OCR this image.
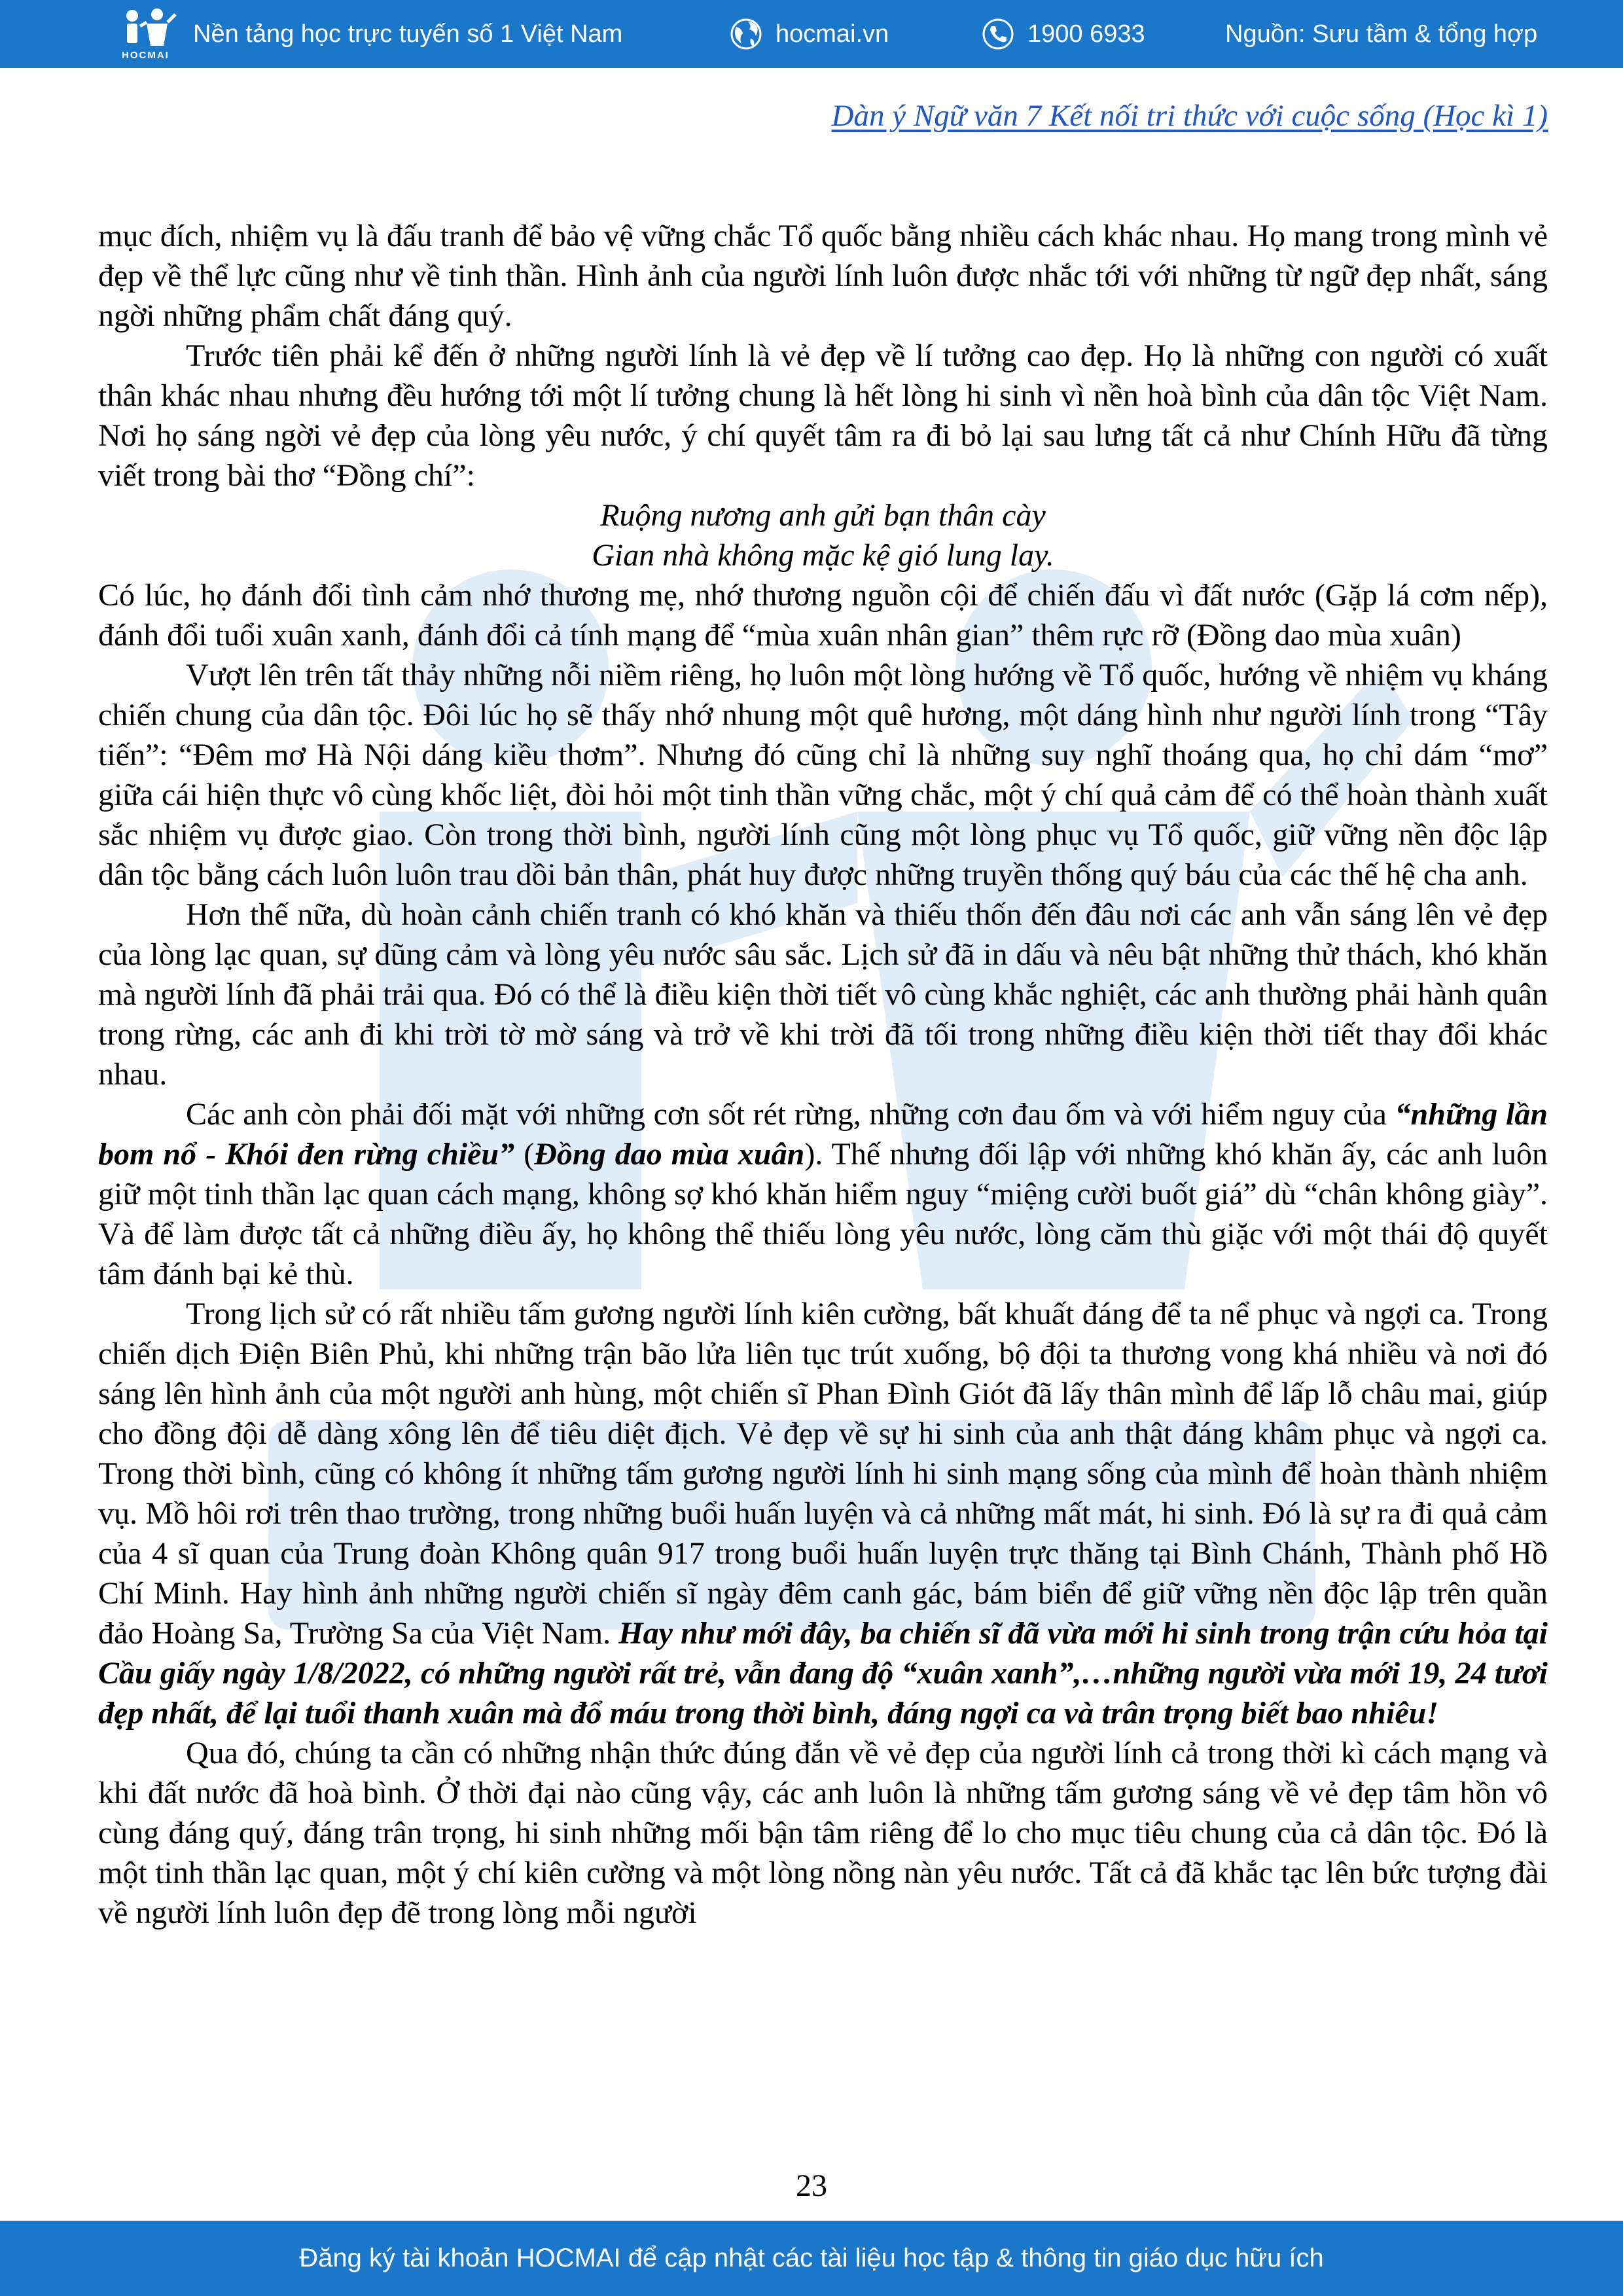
HOCMAI
Nền tảng học trực tuyến số 1 Việt Nam	hocmai.vn	1900 6933	Nguồn: Sưu tầm & tổng hợp
Dàn ý Ngữ văn 7 Kết nối tri thức với cuộc sống (Học kì 1)

mục đích, nhiệm vụ là đấu tranh để bảo vệ vững chắc Tổ quốc bằng nhiều cách khác nhau. Họ mang trong mình vẻ đẹp về thể lực cũng như về tinh thần. Hình ảnh của người lính luôn được nhắc tới với những từ ngữ đẹp nhất, sáng ngời những phẩm chất đáng quý.

Trước tiên phải kể đến ở những người lính là vẻ đẹp về lí tưởng cao đẹp. Họ là những con người có xuất thân khác nhau nhưng đều hướng tới một lí tưởng chung là hết lòng hi sinh vì nền hoà bình của dân tộc Việt Nam. Nơi họ sáng ngời vẻ đẹp của lòng yêu nước, ý chí quyết tâm ra đi bỏ lại sau lưng tất cả như Chính Hữu đã từng viết trong bài thơ “Đồng chí”:

Ruộng nương anh gửi bạn thân cày

Gian nhà không mặc kệ gió lung lay.

Có lúc, họ đánh đổi tình cảm nhớ thương mẹ, nhớ thương nguồn cội để chiến đấu vì đất nước (Gặp lá cơm nếp), đánh đổi tuổi xuân xanh, đánh đổi cả tính mạng để “mùa xuân nhân gian” thêm rực rỡ (Đồng dao mùa xuân)

Vượt lên trên tất thảy những nỗi niềm riêng, họ luôn một lòng hướng về Tổ quốc, hướng về nhiệm vụ kháng chiến chung của dân tộc. Đôi lúc họ sẽ thấy nhớ nhung một quê hương, một dáng hình như người lính trong “Tây tiến”: “Đêm mơ Hà Nội dáng kiều thơm”. Nhưng đó cũng chỉ là những suy nghĩ thoáng qua, họ chỉ dám “mơ” giữa cái hiện thực vô cùng khốc liệt, đòi hỏi một tinh thần vững chắc, một ý chí quả cảm để có thể hoàn thành xuất sắc nhiệm vụ được giao. Còn trong thời bình, người lính cũng một lòng phục vụ Tổ quốc, giữ vững nền độc lập dân tộc bằng cách luôn luôn trau dồi bản thân, phát huy được những truyền thống quý báu của các thế hệ cha anh.

Hơn thế nữa, dù hoàn cảnh chiến tranh có khó khăn và thiếu thốn đến đâu nơi các anh vẫn sáng lên vẻ đẹp của lòng lạc quan, sự dũng cảm và lòng yêu nước sâu sắc. Lịch sử đã in dấu và nêu bật những thử thách, khó khăn mà người lính đã phải trải qua. Đó có thể là điều kiện thời tiết vô cùng khắc nghiệt, các anh thường phải hành quân trong rừng, các anh đi khi trời tờ mờ sáng và trở về khi trời đã tối trong những điều kiện thời tiết thay đổi khác nhau.

Các anh còn phải đối mặt với những cơn sốt rét rừng, những cơn đau ốm và với hiểm nguy của “những lần bom nổ - Khói đen rừng chiều” (Đồng dao mùa xuân). Thế nhưng đối lập với những khó khăn ấy, các anh luôn giữ một tinh thần lạc quan cách mạng, không sợ khó khăn hiểm nguy “miệng cười buốt giá” dù “chân không giày”. Và để làm được tất cả những điều ấy, họ không thể thiếu lòng yêu nước, lòng căm thù giặc với một thái độ quyết tâm đánh bại kẻ thù.

Trong lịch sử có rất nhiều tấm gương người lính kiên cường, bất khuất đáng để ta nể phục và ngợi ca. Trong chiến dịch Điện Biên Phủ, khi những trận bão lửa liên tục trút xuống, bộ đội ta thương vong khá nhiều và nơi đó sáng lên hình ảnh của một người anh hùng, một chiến sĩ Phan Đình Giót đã lấy thân mình để lấp lỗ châu mai, giúp cho đồng đội dễ dàng xông lên để tiêu diệt địch. Vẻ đẹp về sự hi sinh của anh thật đáng khâm phục và ngợi ca. Trong thời bình, cũng có không ít những tấm gương người lính hi sinh mạng sống của mình để hoàn thành nhiệm vụ. Mồ hôi rơi trên thao trường, trong những buổi huấn luyện và cả những mất mát, hi sinh. Đó là sự ra đi quả cảm của 4 sĩ quan của Trung đoàn Không quân 917 trong buổi huấn luyện trực thăng tại Bình Chánh, Thành phố Hồ Chí Minh. Hay hình ảnh những người chiến sĩ ngày đêm canh gác, bám biển để giữ vững nền độc lập trên quần đảo Hoàng Sa, Trường Sa của Việt Nam. Hay như mới đây, ba chiến sĩ đã vừa mới hi sinh trong trận cứu hỏa tại Cầu giấy ngày 1/8/2022, có những người rất trẻ, vẫn đang độ “xuân xanh”,…những người vừa mới 19, 24 tươi đẹp nhất, để lại tuổi thanh xuân mà đổ máu trong thời bình, đáng ngợi ca và trân trọng biết bao nhiêu!

Qua đó, chúng ta cần có những nhận thức đúng đắn về vẻ đẹp của người lính cả trong thời kì cách mạng và khi đất nước đã hoà bình. Ở thời đại nào cũng vậy, các anh luôn là những tấm gương sáng về vẻ đẹp tâm hồn vô cùng đáng quý, đáng trân trọng, hi sinh những mối bận tâm riêng để lo cho mục tiêu chung của cả dân tộc. Đó là một tinh thần lạc quan, một ý chí kiên cường và một lòng nồng nàn yêu nước. Tất cả đã khắc tạc lên bức tượng đài về người lính luôn đẹp đẽ trong lòng mỗi người

23
Đăng ký tài khoản HOCMAI để cập nhật các tài liệu học tập & thông tin giáo dục hữu ích
